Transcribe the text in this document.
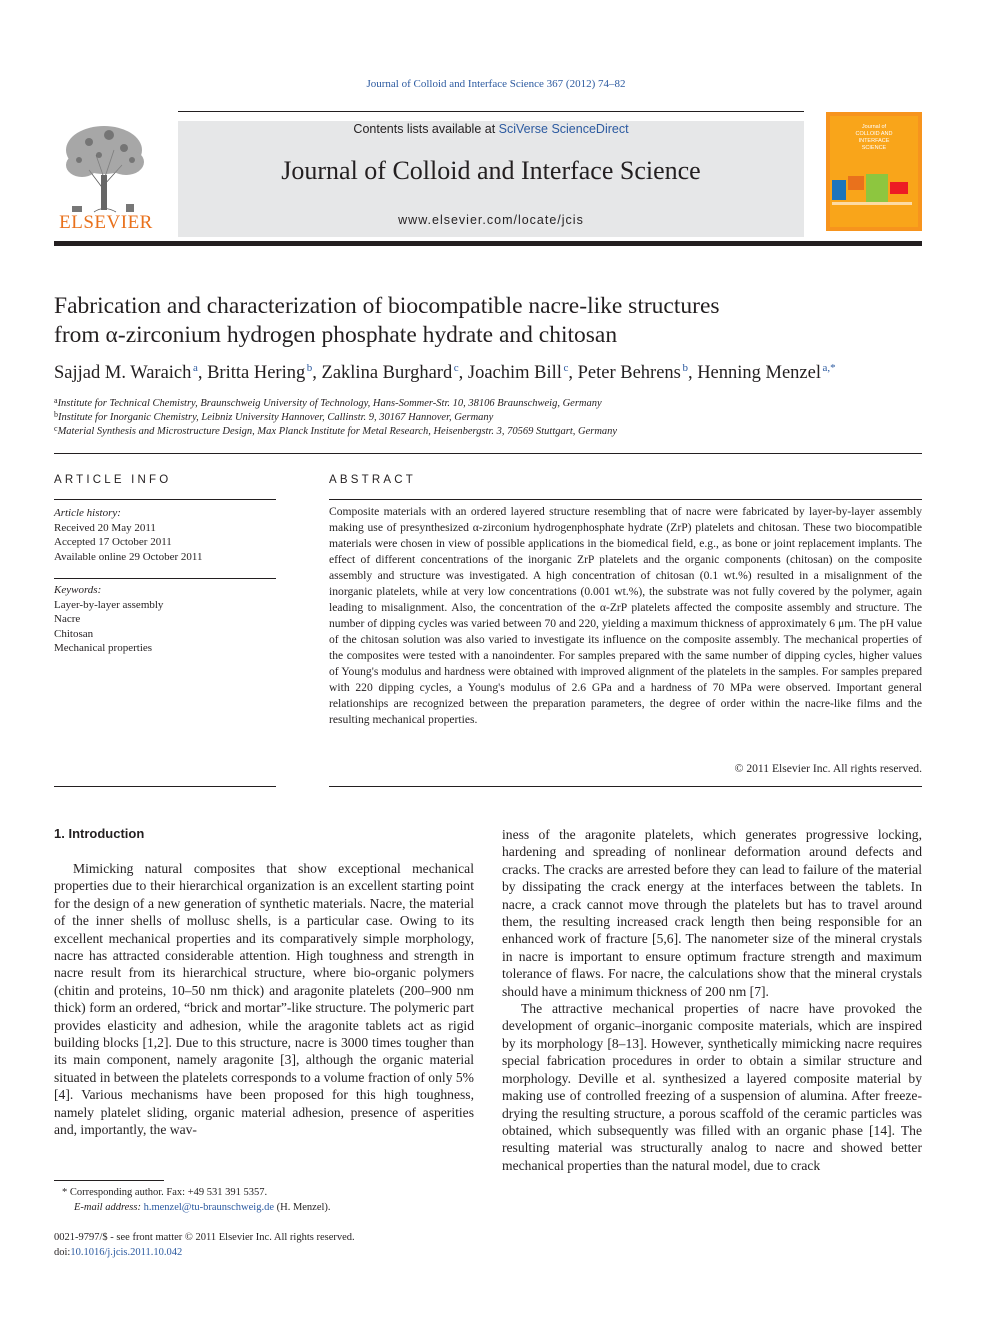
Journal of Colloid and Interface Science 367 (2012) 74–82
ELSEVIER
Contents lists available at SciVerse ScienceDirect
Journal of Colloid and Interface Science
www.elsevier.com/locate/jcis
Journal of
COLLOID AND
INTERFACE
SCIENCE
Fabrication and characterization of biocompatible nacre-like structures
from α-zirconium hydrogen phosphate hydrate and chitosan
Sajjad M. Waraich  $^a$, Britta Hering  $^b$, Zaklina Burghard  $^c$, Joachim Bill  $^c$, Peter Behrens  $^b$, Henning Menzel  $^{a,*}$
$^a$Institute for Technical Chemistry, Braunschweig University of Technology, Hans-Sommer-Str. 10, 38106 Braunschweig, Germany
$^b$Institute for Inorganic Chemistry, Leibniz University Hannover, Callinstr. 9, 30167 Hannover, Germany
$^c$Material Synthesis and Microstructure Design, Max Planck Institute for Metal Research, Heisenbergstr. 3, 70569 Stuttgart, Germany
ARTICLE INFO
Article history:
Received 20 May 2011
Accepted 17 October 2011
Available online 29 October 2011
Keywords:
Layer-by-layer assembly
Nacre
Chitosan
Mechanical properties
ABSTRACT
Composite materials with an ordered layered structure resembling that of nacre were fabricated by layer-by-layer assembly making use of presynthesized α-zirconium hydrogenphosphate hydrate (ZrP) platelets and chitosan. These two biocompatible materials were chosen in view of possible applications in the biomedical field, e.g., as bone or joint replacement implants. The effect of different concentrations of the inorganic ZrP platelets and the organic components (chitosan) on the composite assembly and structure was investigated. A high concentration of chitosan (0.1 wt.%) resulted in a misalignment of the inorganic platelets, while at very low concentrations (0.001 wt.%), the substrate was not fully covered by the polymer, again leading to misalignment. Also, the concentration of the α-ZrP platelets affected the composite assembly and structure. The number of dipping cycles was varied between 70 and 220, yielding a maximum thickness of approximately 6 μm. The pH value of the chitosan solution was also varied to investigate its influence on the composite assembly. The mechanical properties of the composites were tested with a nanoindenter. For samples prepared with the same number of dipping cycles, higher values of Young's modulus and hardness were obtained with improved alignment of the platelets in the samples. For samples prepared with 220 dipping cycles, a Young's modulus of 2.6 GPa and a hardness of 70 MPa were observed. Important general relationships are recognized between the preparation parameters, the degree of order within the nacre-like films and the resulting mechanical properties.
© 2011 Elsevier Inc. All rights reserved.
1. Introduction

Mimicking natural composites that show exceptional mechanical properties due to their hierarchical organization is an excellent starting point for the design of a new generation of synthetic materials. Nacre, the material of the inner shells of mollusc shells, is a particular case. Owing to its excellent mechanical properties and its comparatively simple morphology, nacre has attracted considerable attention. High toughness and strength in nacre result from its hierarchical structure, where bio-organic polymers (chitin and proteins, 10–50 nm thick) and aragonite platelets (200–900 nm thick) form an ordered, “brick and mortar”-like structure. The polymeric part provides elasticity and adhesion, while the aragonite tablets act as rigid building blocks [1,2]. Due to this structure, nacre is 3000 times tougher than its main component, namely aragonite [3], although the organic material situated in between the platelets corresponds to a volume fraction of only 5% [4]. Various mechanisms have been proposed for this high toughness, namely platelet sliding, organic material adhesion, presence of asperities and, importantly, the wav-

iness of the aragonite platelets, which generates progressive locking, hardening and spreading of nonlinear deformation around defects and cracks. The cracks are arrested before they can lead to failure of the material by dissipating the crack energy at the interfaces between the tablets. In nacre, a crack cannot move through the platelets but has to travel around them, the resulting increased crack length then being responsible for an enhanced work of fracture [5,6]. The nanometer size of the mineral crystals in nacre is important to ensure optimum fracture strength and maximum tolerance of flaws. For nacre, the calculations show that the mineral crystals should have a minimum thickness of 200 nm [7].

The attractive mechanical properties of nacre have provoked the development of organic–inorganic composite materials, which are inspired by its morphology [8–13]. However, synthetically mimicking nacre requires special fabrication procedures in order to obtain a similar structure and morphology. Deville et al. synthesized a layered composite material by making use of controlled freezing of a suspension of alumina. After freeze-drying the resulting structure, a porous scaffold of the ceramic particles was obtained, which subsequently was filled with an organic phase [14]. The resulting material was structurally analog to nacre and showed better mechanical properties than the natural model, due to crack

* Corresponding author. Fax: +49 531 391 5357.
E-mail address: h.menzel@tu-braunschweig.de (H. Menzel).
0021-9797/$ - see front matter © 2011 Elsevier Inc. All rights reserved.
doi:10.1016/j.jcis.2011.10.042
